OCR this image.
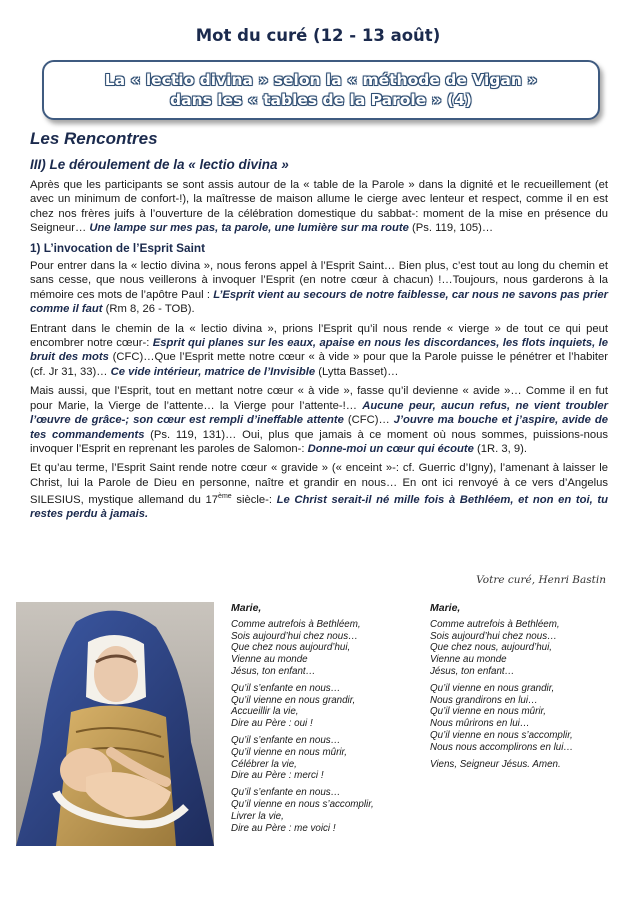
Mot du curé (12 - 13 août)
La « lectio divina » selon la « méthode de Vigan »
dans les « tables de la Parole » (4)
Les Rencontres
III) Le déroulement de la « lectio divina »

Après que les participants se sont assis autour de la « table de la Parole » dans la dignité et le recueillement (et avec un minimum de confort-!), la maîtresse de maison allume le cierge avec lenteur et respect, comme il en est chez nos frères juifs à l’ouverture de la célébration domestique du sabbat-: moment de la mise en présence du Seigneur… Une lampe sur mes pas, ta parole, une lumière sur ma route (Ps. 119, 105)…

1) L’invocation de l’Esprit Saint

Pour entrer dans la « lectio divina », nous ferons appel à l’Esprit Saint… Bien plus, c’est tout au long du chemin et sans cesse, que nous veillerons à invoquer l’Esprit (en notre cœur à chacun) !…Toujours, nous garderons à la mémoire ces mots de l’apôtre Paul : L’Esprit vient au secours de notre faiblesse, car nous ne savons pas prier comme il faut (Rm 8, 26 - TOB).

Entrant dans le chemin de la « lectio divina », prions l’Esprit qu’il nous rende « vierge » de tout ce qui peut encombrer notre cœur-: Esprit qui planes sur les eaux, apaise en nous les discordances, les flots inquiets, le bruit des mots (CFC)…Que l’Esprit mette notre cœur « à vide » pour que la Parole puisse le pénétrer et l’habiter (cf. Jr 31, 33)… Ce vide intérieur, matrice de l’Invisible (Lytta Basset)…

Mais aussi, que l’Esprit, tout en mettant notre cœur « à vide », fasse qu’il devienne « avide »… Comme il en fut pour Marie, la Vierge de l’attente… la Vierge pour l’attente-!… Aucune peur, aucun refus, ne vient troubler l’œuvre de grâce-; son cœur est rempli d’ineffable attente (CFC)… J’ouvre ma bouche et j’aspire, avide de tes commandements (Ps. 119, 131)… Oui, plus que jamais à ce moment où nous sommes, puissions-nous invoquer l’Esprit en reprenant les paroles de Salomon-: Donne-moi un cœur qui écoute (1R. 3, 9).

Et qu’au terme, l’Esprit Saint rende notre cœur « gravide » (« enceint »-: cf. Guerric d’Igny), l’amenant à laisser le Christ, lui la Parole de Dieu en personne, naître et grandir en nous… En ont ici renvoyé à ce vers d’Angelus SILESIUS, mystique allemand du 17ème siècle-: Le Christ serait-il né mille fois à Bethléem, et non en toi, tu restes perdu à jamais.

Votre curé, Henri Bastin
Marie,
Comme autrefois à Bethléem,
Sois aujourd’hui chez nous…
Que chez nous aujourd’hui,
Vienne au monde
Jésus, ton enfant…
Qu’il s’enfante en nous…
Qu’il vienne en nous grandir,
Accueillir la vie,
Dire au Père : oui !
Qu’il s’enfante en nous…
Qu’il vienne en nous mûrir,
Célébrer la vie,
Dire au Père : merci !
Qu’il s’enfante en nous…
Qu’il vienne en nous s’accomplir,
Livrer la vie,
Dire au Père : me voici !
Marie,
Comme autrefois à Bethléem,
Sois aujourd’hui chez nous…
Que chez nous, aujourd’hui,
Vienne au monde
Jésus, ton enfant…
Qu’il vienne en nous grandir,
Nous grandirons en lui…
Qu’il vienne en nous mûrir,
Nous mûrirons en lui…
Qu’il vienne en nous s’accomplir,
Nous nous accomplirons en lui…
Viens, Seigneur Jésus. Amen.
